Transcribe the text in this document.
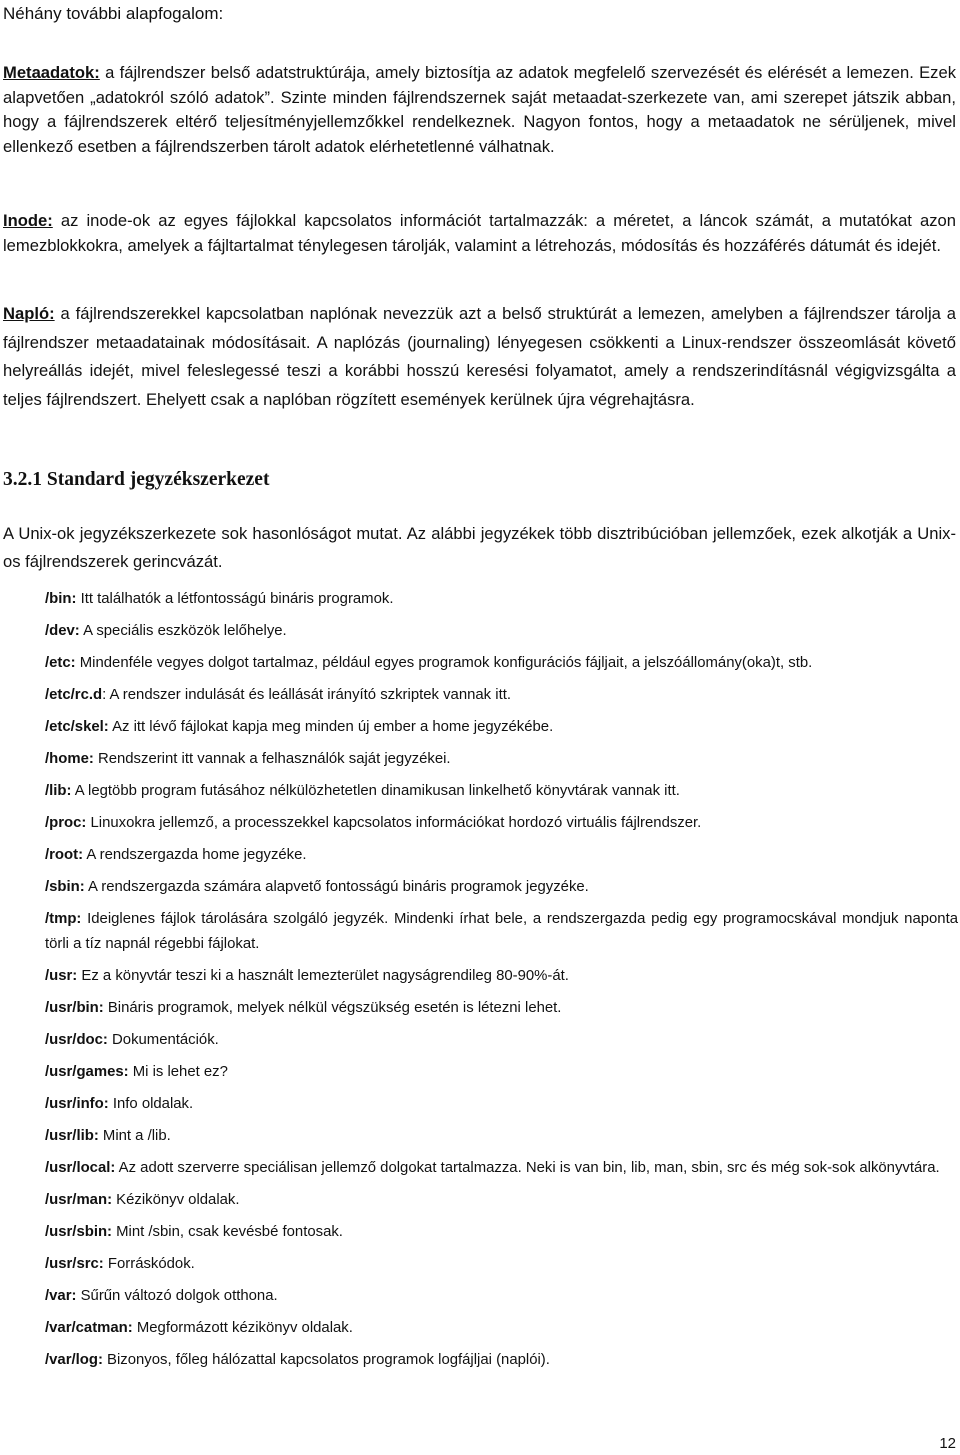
Néhány további alapfogalom:

Metaadatok: a fájlrendszer belső adatstruktúrája, amely biztosítja az adatok megfelelő szervezését és elérését a lemezen. Ezek alapvetően „adatokról szóló adatok”. Szinte minden fájlrendszernek saját metaadat-szerkezete van, ami szerepet játszik abban, hogy a fájlrendszerek eltérő teljesítményjellemzőkkel rendelkeznek. Nagyon fontos, hogy a metaadatok ne sérüljenek, mivel ellenkező esetben a fájlrendszerben tárolt adatok elérhetetlenné válhatnak.

Inode: az inode-ok az egyes fájlokkal kapcsolatos információt tartalmazzák: a méretet, a láncok számát, a mutatókat azon lemezblokkokra, amelyek a fájltartalmat ténylegesen tárolják, valamint a létrehozás, módosítás és hozzáférés dátumát és idejét.

Napló: a fájlrendszerekkel kapcsolatban naplónak nevezzük azt a belső struktúrát a lemezen, amelyben a fájlrendszer tárolja a fájlrendszer metaadatainak módosításait. A naplózás (journaling) lényegesen csökkenti a Linux-rendszer összeomlását követő helyreállás idejét, mivel feleslegessé teszi a korábbi hosszú keresési folyamatot, amely a rendszerindításnál végigvizsgálta a teljes fájlrendszert. Ehelyett csak a naplóban rögzített események kerülnek újra végrehajtásra.

3.2.1 Standard jegyzékszerkezet

A Unix-ok jegyzékszerkezete sok hasonlóságot mutat. Az alábbi jegyzékek több disztribúcióban jellemzőek, ezek alkotják a Unix-os fájlrendszerek gerincvázát.

/bin: Itt találhatók a létfontosságú bináris programok.
/dev: A speciális eszközök lelőhelye.
/etc: Mindenféle vegyes dolgot tartalmaz, például egyes programok konfigurációs fájljait, a jelszóállomány(oka)t, stb.
/etc/rc.d: A rendszer indulását és leállását irányító szkriptek vannak itt.
/etc/skel: Az itt lévő fájlokat kapja meg minden új ember a home jegyzékébe.
/home: Rendszerint itt vannak a felhasználók saját jegyzékei.
/lib: A legtöbb program futásához nélkülözhetetlen dinamikusan linkelhető könyvtárak vannak itt.
/proc: Linuxokra jellemző, a processzekkel kapcsolatos információkat hordozó virtuális fájlrendszer.
/root: A rendszergazda home jegyzéke.
/sbin: A rendszergazda számára alapvető fontosságú bináris programok jegyzéke.
/tmp: Ideiglenes fájlok tárolására szolgáló jegyzék. Mindenki írhat bele, a rendszergazda pedig egy programocskával mondjuk naponta törli a tíz napnál régebbi fájlokat.
/usr: Ez a könyvtár teszi ki a használt lemezterület nagyságrendileg 80-90%-át.
/usr/bin: Bináris programok, melyek nélkül végszükség esetén is létezni lehet.
/usr/doc: Dokumentációk.
/usr/games: Mi is lehet ez?
/usr/info: Info oldalak.
/usr/lib: Mint a /lib.
/usr/local: Az adott szerverre speciálisan jellemző dolgokat tartalmazza. Neki is van bin, lib, man, sbin, src és még sok-sok alkönyvtára.
/usr/man: Kézikönyv oldalak.
/usr/sbin: Mint /sbin, csak kevésbé fontosak.
/usr/src: Forráskódok.
/var: Sűrűn változó dolgok otthona.
/var/catman: Megformázott kézikönyv oldalak.
/var/log: Bizonyos, főleg hálózattal kapcsolatos programok logfájljai (naplói).
12
